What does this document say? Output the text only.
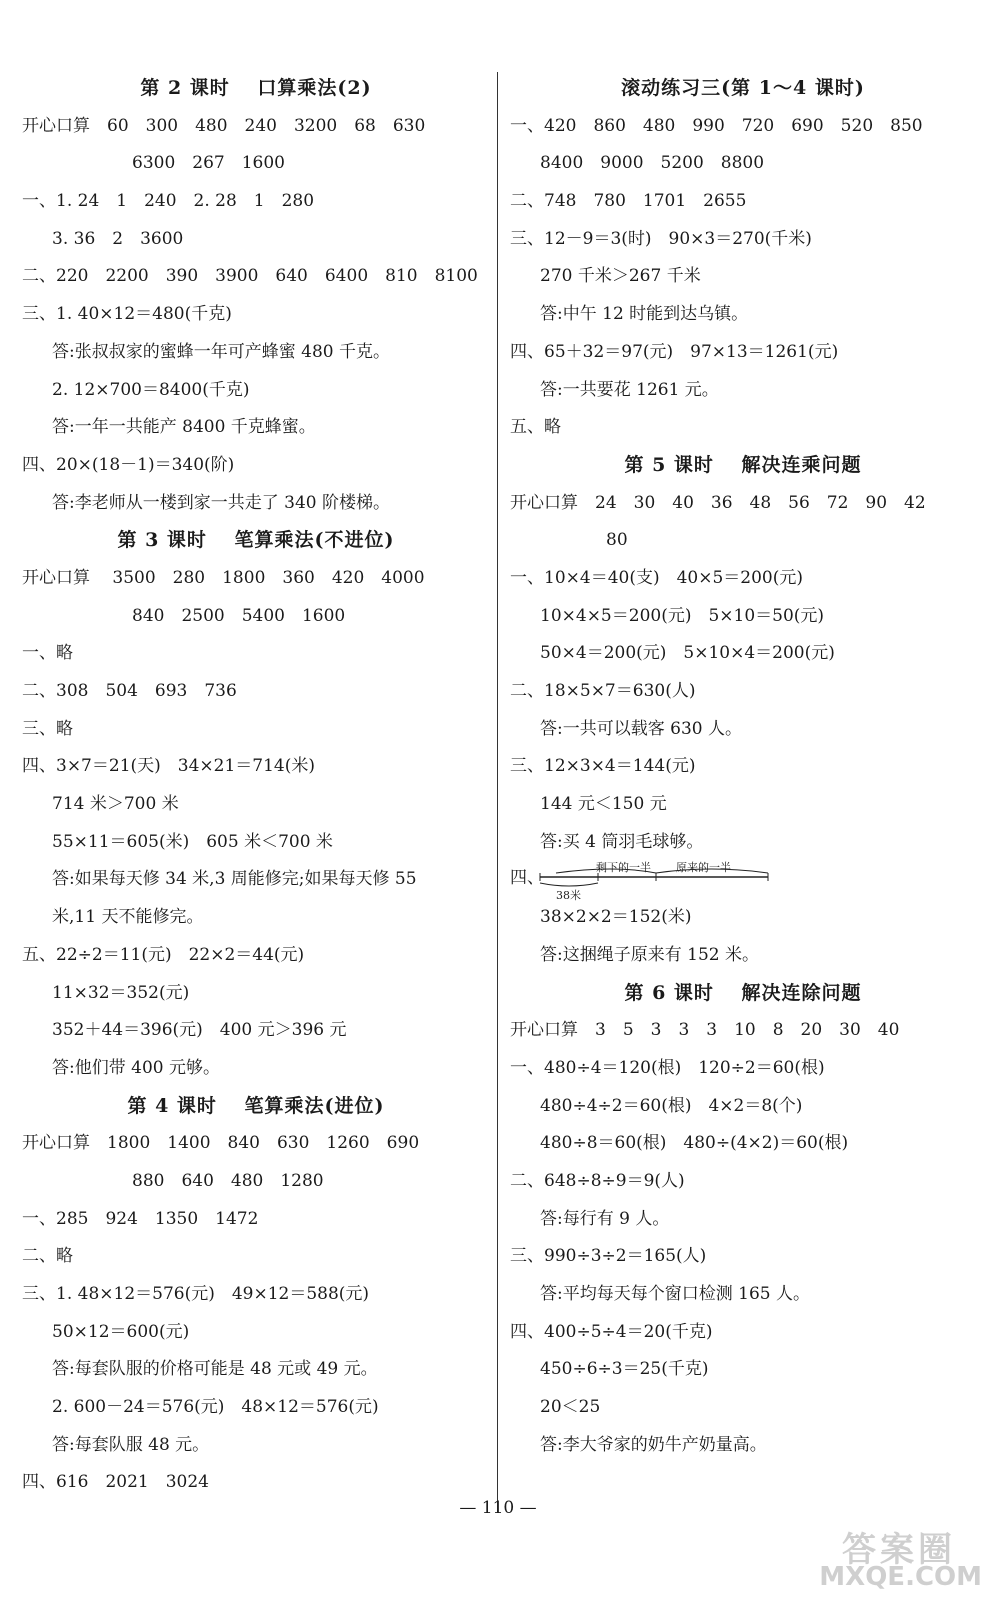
第 2 课时　 口算乘法(2)
开心口算　60　300　480　240　3200　68　630
6300　267　1600
一、1. 24　1　240　2. 28　1　280
3. 36　2　3600
二、220　2200　390　3900　640　6400　810　8100
三、1. 40×12＝480(千克)
答:张叔叔家的蜜蜂一年可产蜂蜜 480 千克。
2. 12×700＝8400(千克)
答:一年一共能产 8400 千克蜂蜜。
四、20×(18－1)＝340(阶)
答:李老师从一楼到家一共走了 340 阶楼梯。
第 3 课时　 笔算乘法(不进位)
开心口算　 3500　280　1800　360　420　4000
840　2500　5400　1600
一、略
二、308　504　693　736
三、略
四、3×7＝21(天)　34×21＝714(米)
714 米＞700 米
55×11＝605(米)　605 米＜700 米
答:如果每天修 34 米,3 周能修完;如果每天修 55
米,11 天不能修完。
五、22÷2＝11(元)　22×2＝44(元)
11×32＝352(元)
352＋44＝396(元)　400 元＞396 元
答:他们带 400 元够。
第 4 课时　 笔算乘法(进位)
开心口算　1800　1400　840　630　1260　690
880　640　480　1280
一、285　924　1350　1472
二、略
三、1. 48×12＝576(元)　49×12＝588(元)
50×12＝600(元)
答:每套队服的价格可能是 48 元或 49 元。
2. 600－24＝576(元)　48×12＝576(元)
答:每套队服 48 元。
四、616　2021　3024
滚动练习三(第 1～4 课时)
一、420　860　480　990　720　690　520　850
8400　9000　5200　8800
二、748　780　1701　2655
三、12－9＝3(时)　90×3＝270(千米)
270 千米＞267 千米
答:中午 12 时能到达乌镇。
四、65＋32＝97(元)　97×13＝1261(元)
答:一共要花 1261 元。
五、略
第 5 课时　 解决连乘问题
开心口算　24　30　40　36　48　56　72　90　42
80
一、10×4＝40(支)　40×5＝200(元)
10×4×5＝200(元)　5×10＝50(元)
50×4＝200(元)　5×10×4＝200(元)
二、18×5×7＝630(人)
答:一共可以载客 630 人。
三、12×3×4＝144(元)
144 元＜150 元
答:买 4 筒羽毛球够。
四、
剩下的一半 原来的一半
38米
38×2×2＝152(米)
答:这捆绳子原来有 152 米。
第 6 课时　 解决连除问题
开心口算　3　5　3　3　3　10　8　20　30　40
一、480÷4＝120(根)　120÷2＝60(根)
480÷4÷2＝60(根)　4×2＝8(个)
480÷8＝60(根)　480÷(4×2)＝60(根)
二、648÷8÷9＝9(人)
答:每行有 9 人。
三、990÷3÷2＝165(人)
答:平均每天每个窗口检测 165 人。
四、400÷5÷4＝20(千克)
450÷6÷3＝25(千克)
20＜25
答:李大爷家的奶牛产奶量高。
— 110 —
答案圈
MXQE.COM
